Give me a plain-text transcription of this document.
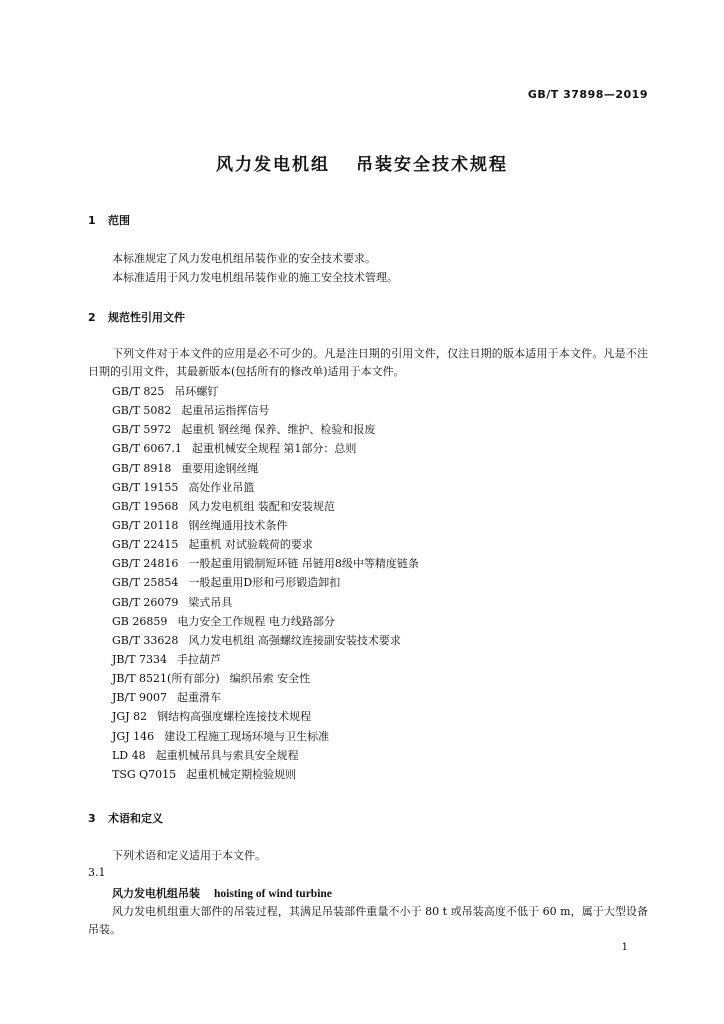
GB/T 37898—2019
风力发电机组 吊装安全技术规程
1 范围
本标准规定了风力发电机组吊装作业的安全技术要求。
本标准适用于风力发电机组吊装作业的施工安全技术管理。
2 规范性引用文件
下列文件对于本文件的应用是必不可少的。凡是注日期的引用文件，仅注日期的版本适用于本文件。凡是不注日期的引用文件，其最新版本(包括所有的修改单)适用于本文件。
GB/T 825 吊环螺钉
GB/T 5082 起重吊运指挥信号
GB/T 5972 起重机 钢丝绳 保养、维护、检验和报废
GB/T 6067.1 起重机械安全规程 第1部分：总则
GB/T 8918 重要用途钢丝绳
GB/T 19155 高处作业吊篮
GB/T 19568 风力发电机组 装配和安装规范
GB/T 20118 钢丝绳通用技术条件
GB/T 22415 起重机 对试验载荷的要求
GB/T 24816 一般起重用锻制短环链 吊链用8级中等精度链条
GB/T 25854 一般起重用D形和弓形锻造卸扣
GB/T 26079 梁式吊具
GB 26859 电力安全工作规程 电力线路部分
GB/T 33628 风力发电机组 高强螺纹连接副安装技术要求
JB/T 7334 手拉葫芦
JB/T 8521(所有部分) 编织吊索 安全性
JB/T 9007 起重滑车
JGJ 82 钢结构高强度螺栓连接技术规程
JGJ 146 建设工程施工现场环境与卫生标准
LD 48 起重机械吊具与索具安全规程
TSG Q7015 起重机械定期检验规则
3 术语和定义
下列术语和定义适用于本文件。
3.1
风力发电机组吊装 hoisting of wind turbine
风力发电机组重大部件的吊装过程，其满足吊装部件重量不小于 80 t 或吊装高度不低于 60 m，属于大型设备吊装。
1
